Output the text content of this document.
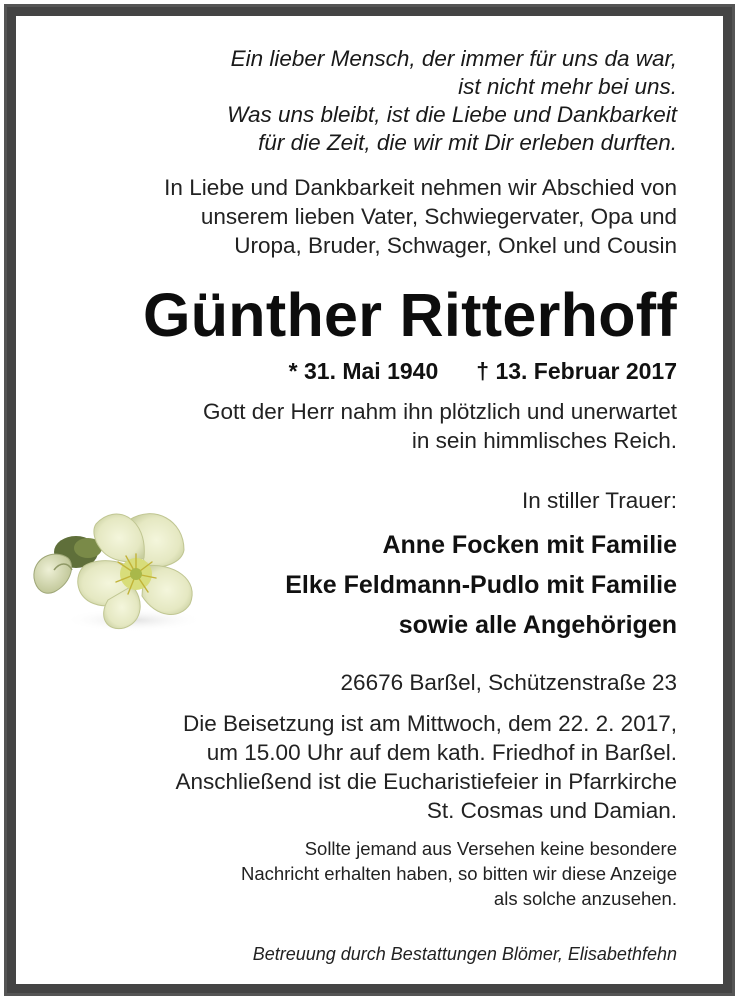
Ein lieber Mensch, der immer für uns da war,
ist nicht mehr bei uns.
Was uns bleibt, ist die Liebe und Dankbarkeit
für die Zeit, die wir mit Dir erleben durften.
In Liebe und Dankbarkeit nehmen wir Abschied von
unserem lieben Vater, Schwiegervater, Opa und
Uropa, Bruder, Schwager, Onkel und Cousin
Günther Ritterhoff
* 31. Mai 1940 † 13. Februar 2017
Gott der Herr nahm ihn plötzlich und unerwartet
in sein himmlisches Reich.
In stiller Trauer:
Anne Focken mit Familie
Elke Feldmann-Pudlo mit Familie
sowie alle Angehörigen
26676 Barßel, Schützenstraße 23
Die Beisetzung ist am Mittwoch, dem 22. 2. 2017,
um 15.00 Uhr auf dem kath. Friedhof in Barßel.
Anschließend ist die Eucharistiefeier in Pfarrkirche
St. Cosmas und Damian.
Sollte jemand aus Versehen keine besondere
Nachricht erhalten haben, so bitten wir diese Anzeige
als solche anzusehen.
Betreuung durch Bestattungen Blömer, Elisabethfehn
